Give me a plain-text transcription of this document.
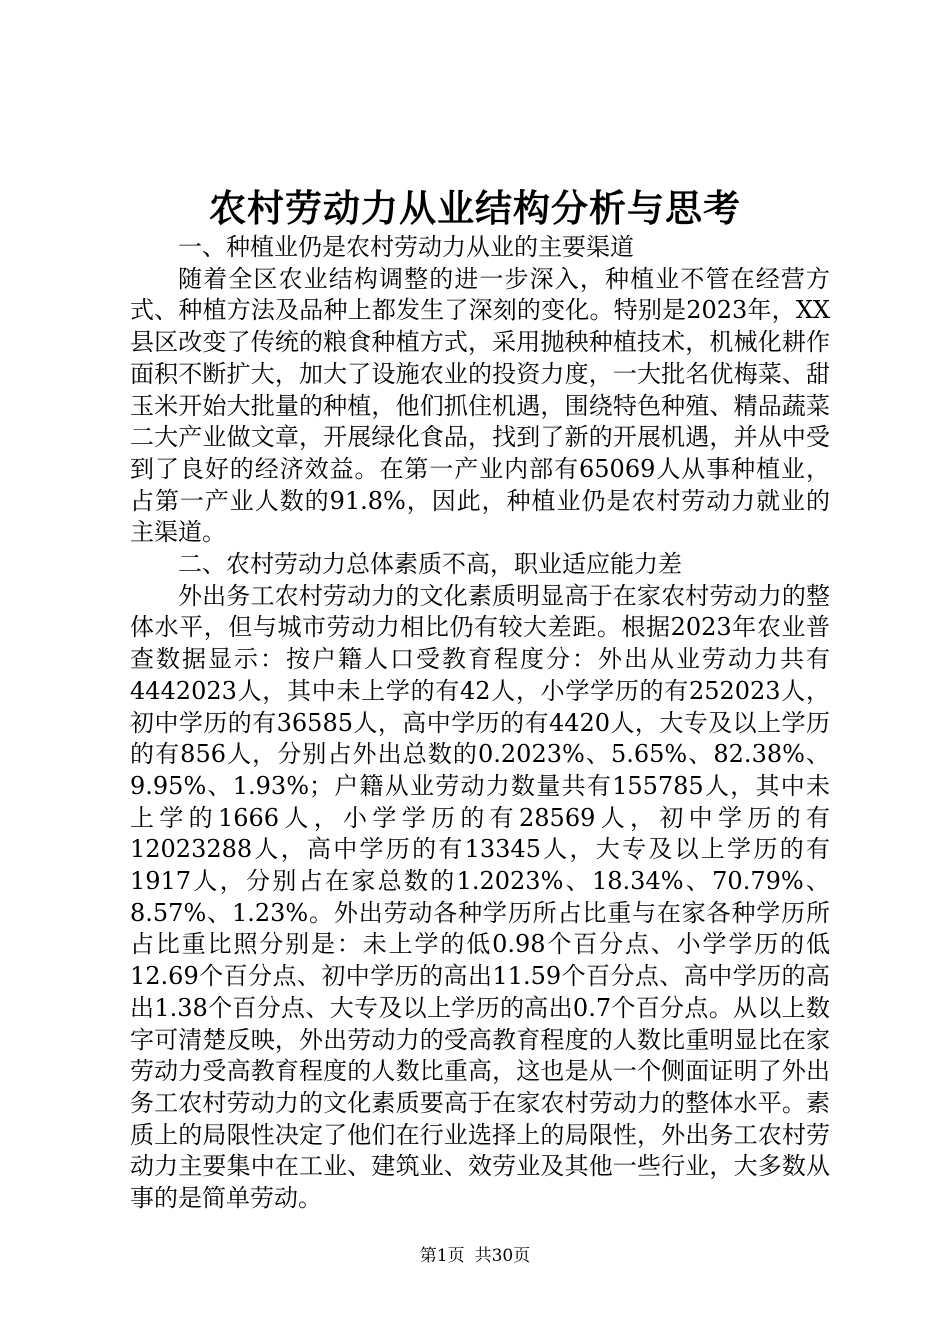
农村劳动力从业结构分析与思考

一、种植业仍是农村劳动力从业的主要渠道

随着全区农业结构调整的进一步深入，种植业不管在经营方式、种植方法及品种上都发生了深刻的变化。特别是2023年，XX县区改变了传统的粮食种植方式，采用抛秧种植技术，机械化耕作面积不断扩大，加大了设施农业的投资力度，一大批名优梅菜、甜玉米开始大批量的种植，他们抓住机遇，围绕特色种殖、精品蔬菜二大产业做文章，开展绿化食品，找到了新的开展机遇，并从中受到了良好的经济效益。在第一产业内部有65069人从事种植业，占第一产业人数的91.8%，因此，种植业仍是农村劳动力就业的主渠道。

二、农村劳动力总体素质不高，职业适应能力差

外出务工农村劳动力的文化素质明显高于在家农村劳动力的整体水平，但与城市劳动力相比仍有较大差距。根据2023年农业普查数据显示：按户籍人口受教育程度分：外出从业劳动力共有4442023人，其中未上学的有42人，小学学历的有252023人，初中学历的有36585人，高中学历的有4420人，大专及以上学历的有856人，分别占外出总数的0.2023%、5.65%、82.38%、9.95%、1.93%；户籍从业劳动力数量共有155785人，其中未上学的1666人，小学学历的有28569人，初中学历的有12023288人，高中学历的有13345人，大专及以上学历的有1917人，分别占在家总数的1.2023%、18.34%、70.79%、8.57%、1.23%。外出劳动各种学历所占比重与在家各种学历所占比重比照分别是：未上学的低0.98个百分点、小学学历的低12.69个百分点、初中学历的高出11.59个百分点、高中学历的高出1.38个百分点、大专及以上学历的高出0.7个百分点。从以上数字可清楚反映，外出劳动力的受高教育程度的人数比重明显比在家劳动力受高教育程度的人数比重高，这也是从一个侧面证明了外出务工农村劳动力的文化素质要高于在家农村劳动力的整体水平。素质上的局限性决定了他们在行业选择上的局限性，外出务工农村劳动力主要集中在工业、建筑业、效劳业及其他一些行业，大多数从事的是简单劳动。

第1页 共30页
